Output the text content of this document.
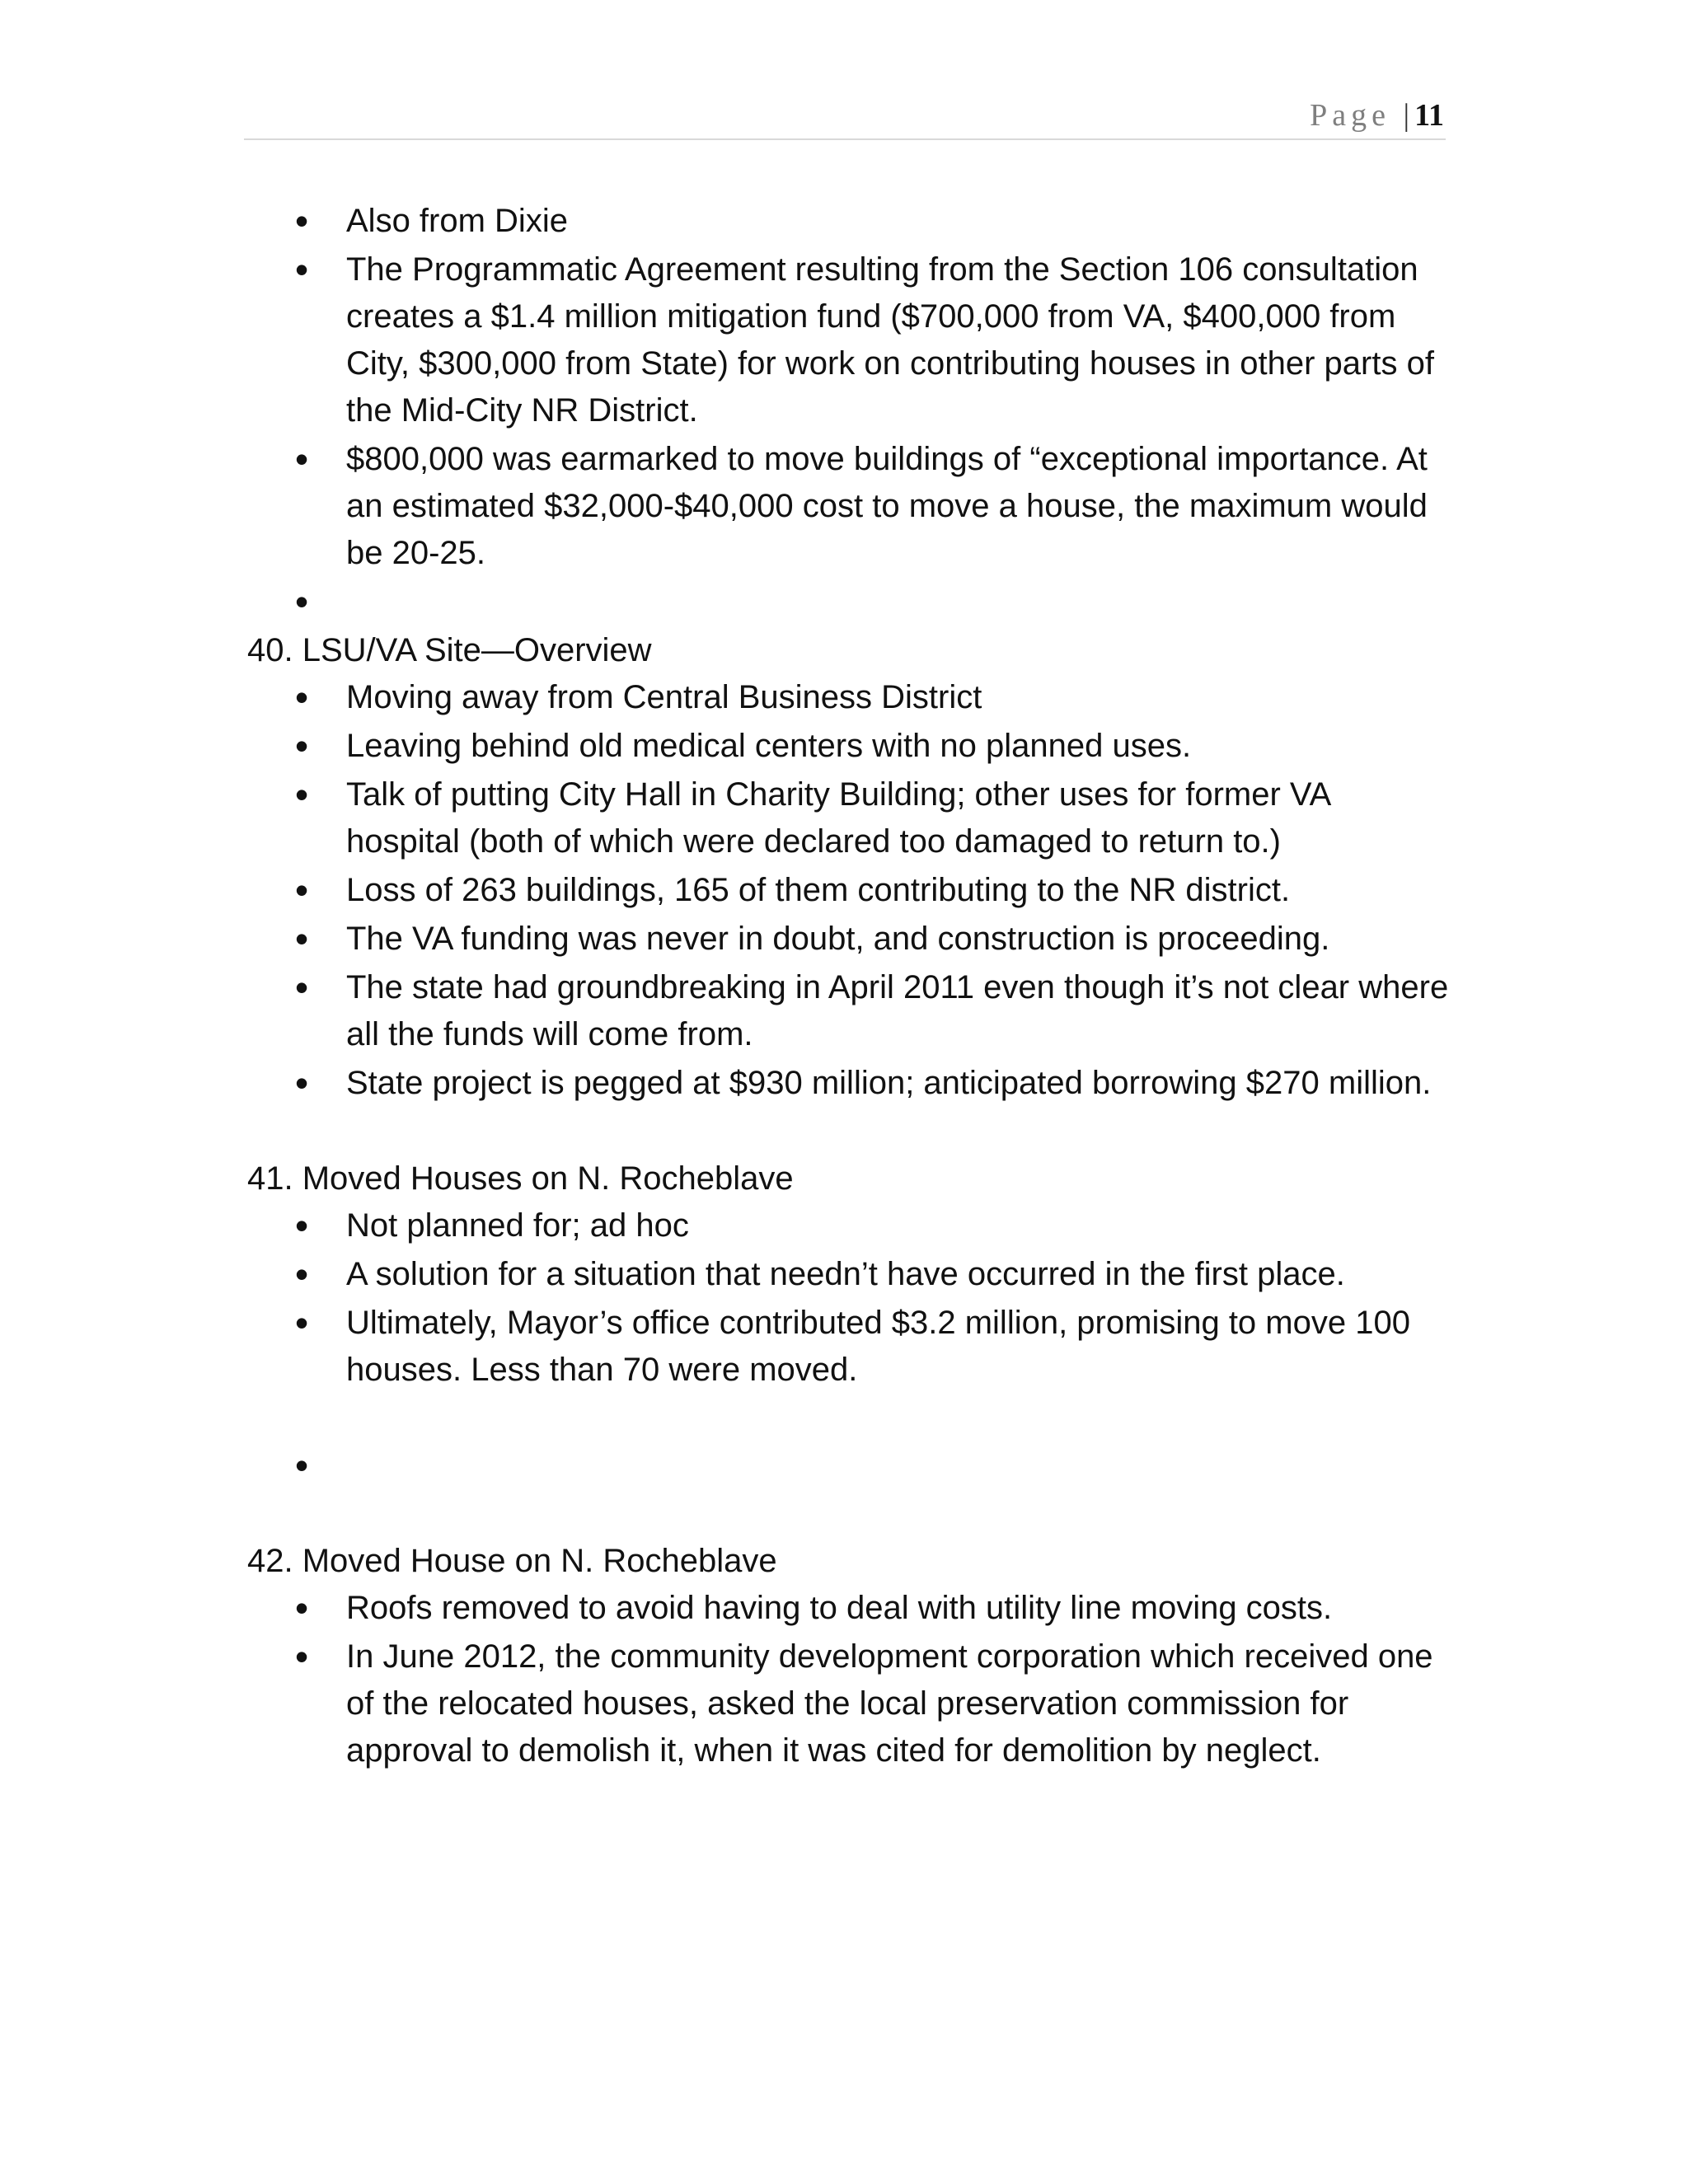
Page | 11
• Also from Dixie
• The Programmatic Agreement resulting from the Section 106 consultation creates a $1.4 million mitigation fund ($700,000 from VA, $400,000 from City, $300,000 from State) for work on contributing houses in other parts of the Mid-City NR District.
• $800,000 was earmarked to move buildings of “exceptional importance. At an estimated $32,000-$40,000 cost to move a house, the maximum would be 20-25.
•

40. LSU/VA Site—Overview

• Moving away from Central Business District
• Leaving behind old medical centers with no planned uses.
• Talk of putting City Hall in Charity Building; other uses for former VA hospital (both of which were declared too damaged to return to.)
• Loss of 263 buildings, 165 of them contributing to the NR district.
• The VA funding was never in doubt, and construction is proceeding.
• The state had groundbreaking in April 2011 even though it’s not clear where all the funds will come from.
• State project is pegged at $930 million; anticipated borrowing $270 million.

41. Moved Houses on N. Rocheblave

• Not planned for; ad hoc
• A solution for a situation that needn’t have occurred in the first place.
• Ultimately, Mayor’s office contributed $3.2 million, promising to move 100 houses. Less than 70 were moved.
•

42. Moved House on N. Rocheblave

• Roofs removed to avoid having to deal with utility line moving costs.
• In June 2012, the community development corporation which received one of the relocated houses, asked the local preservation commission for approval to demolish it, when it was cited for demolition by neglect.
